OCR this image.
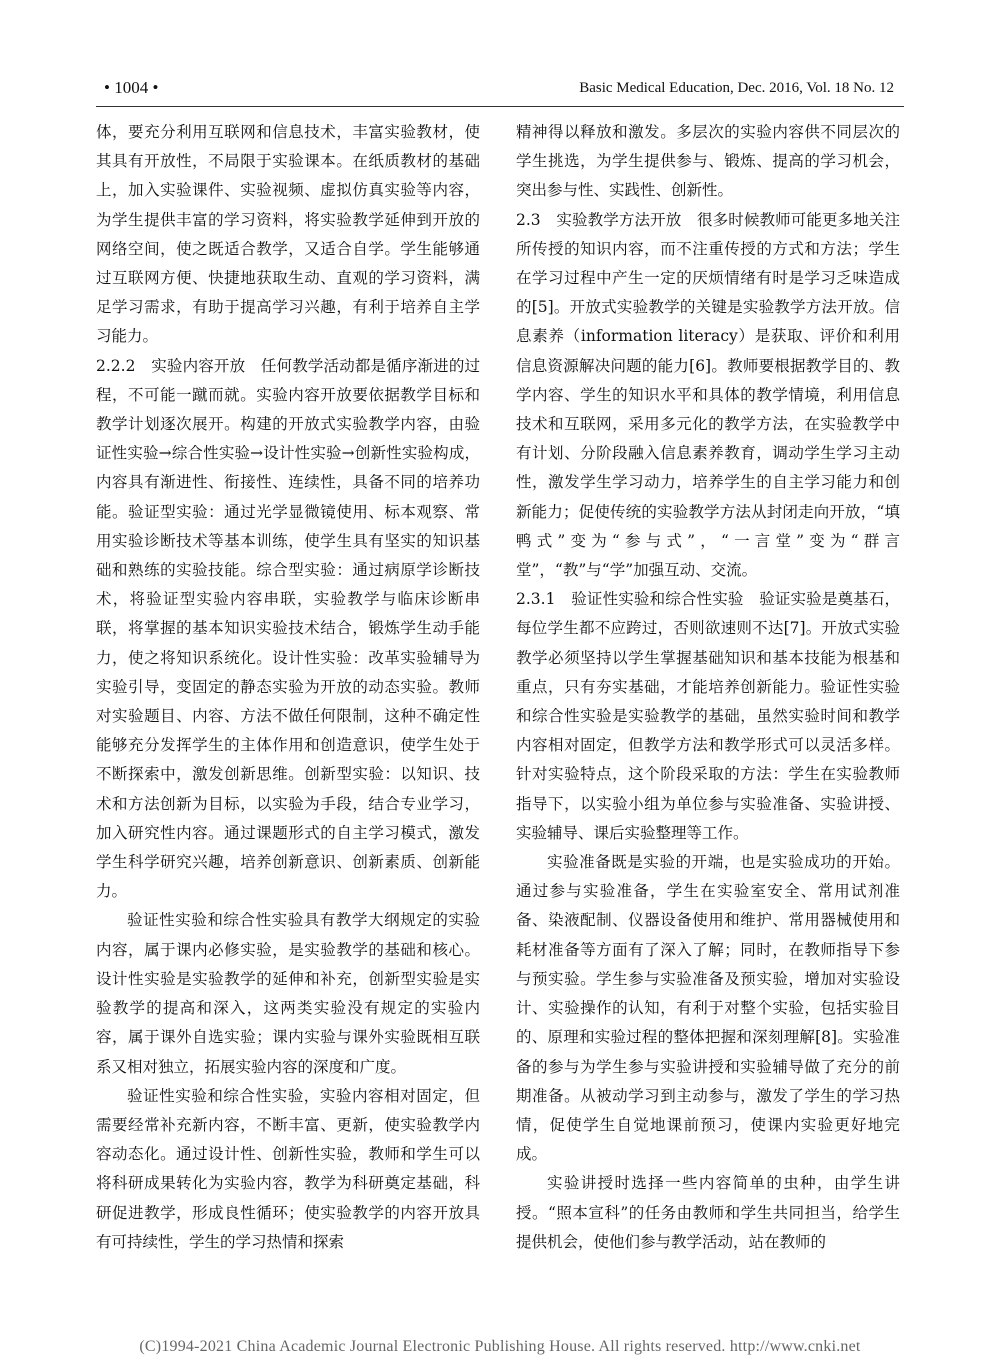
• 1004 •	Basic Medical Education, Dec. 2016, Vol. 18 No. 12

体，要充分利用互联网和信息技术，丰富实验教材，使其具有开放性，不局限于实验课本。在纸质教材的基础上，加入实验课件、实验视频、虚拟仿真实验等内容，为学生提供丰富的学习资料，将实验教学延伸到开放的网络空间，使之既适合教学，又适合自学。学生能够通过互联网方便、快捷地获取生动、直观的学习资料，满足学习需求，有助于提高学习兴趣，有利于培养自主学习能力。

2.2.2　实验内容开放　任何教学活动都是循序渐进的过程，不可能一蹴而就。实验内容开放要依据教学目标和教学计划逐次展开。构建的开放式实验教学内容，由验证性实验→综合性实验→设计性实验→创新性实验构成，内容具有渐进性、衔接性、连续性，具备不同的培养功能。验证型实验：通过光学显微镜使用、标本观察、常用实验诊断技术等基本训练，使学生具有坚实的知识基础和熟练的实验技能。综合型实验：通过病原学诊断技术，将验证型实验内容串联，实验教学与临床诊断串联，将掌握的基本知识实验技术结合，锻炼学生动手能力，使之将知识系统化。设计性实验：改革实验辅导为实验引导，变固定的静态实验为开放的动态实验。教师对实验题目、内容、方法不做任何限制，这种不确定性能够充分发挥学生的主体作用和创造意识，使学生处于不断探索中，激发创新思维。创新型实验：以知识、技术和方法创新为目标，以实验为手段，结合专业学习，加入研究性内容。通过课题形式的自主学习模式，激发学生科学研究兴趣，培养创新意识、创新素质、创新能力。

验证性实验和综合性实验具有教学大纲规定的实验内容，属于课内必修实验，是实验教学的基础和核心。设计性实验是实验教学的延伸和补充，创新型实验是实验教学的提高和深入，这两类实验没有规定的实验内容，属于课外自选实验；课内实验与课外实验既相互联系又相对独立，拓展实验内容的深度和广度。

验证性实验和综合性实验，实验内容相对固定，但需要经常补充新内容，不断丰富、更新，使实验教学内容动态化。通过设计性、创新性实验，教师和学生可以将科研成果转化为实验内容，教学为科研奠定基础，科研促进教学，形成良性循环；使实验教学的内容开放具有可持续性，学生的学习热情和探索

精神得以释放和激发。多层次的实验内容供不同层次的学生挑选，为学生提供参与、锻炼、提高的学习机会，突出参与性、实践性、创新性。

2.3　实验教学方法开放　很多时候教师可能更多地关注所传授的知识内容，而不注重传授的方式和方法；学生在学习过程中产生一定的厌烦情绪有时是学习乏味造成的[5]。开放式实验教学的关键是实验教学方法开放。信息素养（information literacy）是获取、评价和利用信息资源解决问题的能力[6]。教师要根据教学目的、教学内容、学生的知识水平和具体的教学情境，利用信息技术和互联网，采用多元化的教学方法，在实验教学中有计划、分阶段融入信息素养教育，调动学生学习主动性，激发学生学习动力，培养学生的自主学习能力和创新能力；促使传统的实验教学方法从封闭走向开放，“填鸭式”变为“参与式”，“一言堂”变为“群言堂”，“教”与“学”加强互动、交流。

2.3.1　验证性实验和综合性实验　验证实验是奠基石，每位学生都不应跨过，否则欲速则不达[7]。开放式实验教学必须坚持以学生掌握基础知识和基本技能为根基和重点，只有夯实基础，才能培养创新能力。验证性实验和综合性实验是实验教学的基础，虽然实验时间和教学内容相对固定，但教学方法和教学形式可以灵活多样。针对实验特点，这个阶段采取的方法：学生在实验教师指导下，以实验小组为单位参与实验准备、实验讲授、实验辅导、课后实验整理等工作。

实验准备既是实验的开端，也是实验成功的开始。通过参与实验准备，学生在实验室安全、常用试剂准备、染液配制、仪器设备使用和维护、常用器械使用和耗材准备等方面有了深入了解；同时，在教师指导下参与预实验。学生参与实验准备及预实验，增加对实验设计、实验操作的认知，有利于对整个实验，包括实验目的、原理和实验过程的整体把握和深刻理解[8]。实验准备的参与为学生参与实验讲授和实验辅导做了充分的前期准备。从被动学习到主动参与，激发了学生的学习热情，促使学生自觉地课前预习，使课内实验更好地完成。

实验讲授时选择一些内容简单的虫种，由学生讲授。“照本宣科”的任务由教师和学生共同担当，给学生提供机会，使他们参与教学活动，站在教师的

(C)1994-2021 China Academic Journal Electronic Publishing House. All rights reserved. http://www.cnki.net
